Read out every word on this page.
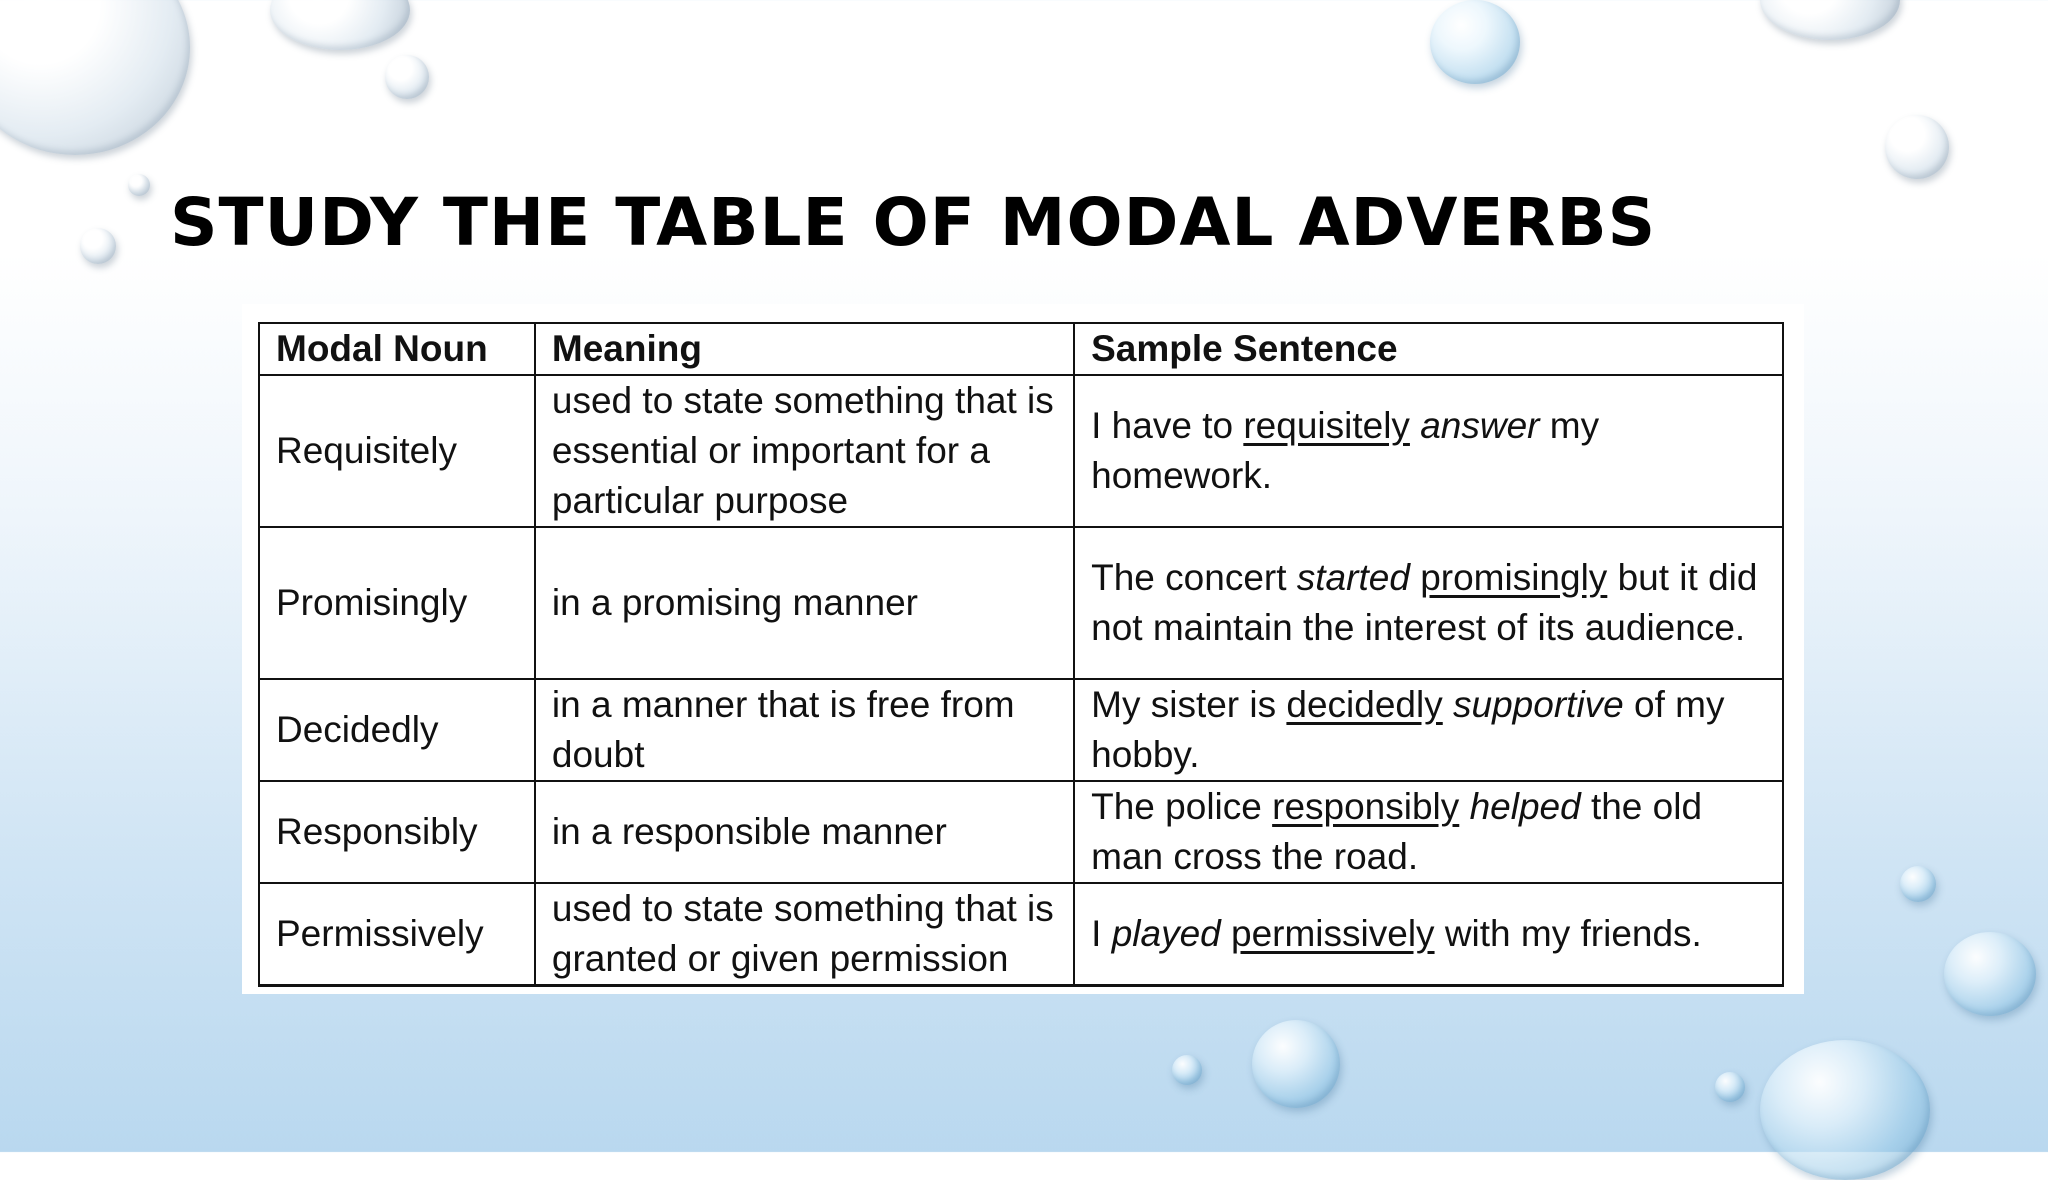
STUDY THE TABLE OF MODAL ADVERBS
Modal Noun	Meaning	Sample Sentence
Requisitely	used to state something that is essential or important for a particular purpose	I have to requisitely answer my homework.
Promisingly	in a promising manner	The concert started promisingly but it did not maintain the interest of its audience.
Decidedly	in a manner that is free from doubt	My sister is decidedly supportive of my hobby.
Responsibly	in a responsible manner	The police responsibly helped the old man cross the road.
Permissively	used to state something that is granted or given permission	I played permissively with my friends.
